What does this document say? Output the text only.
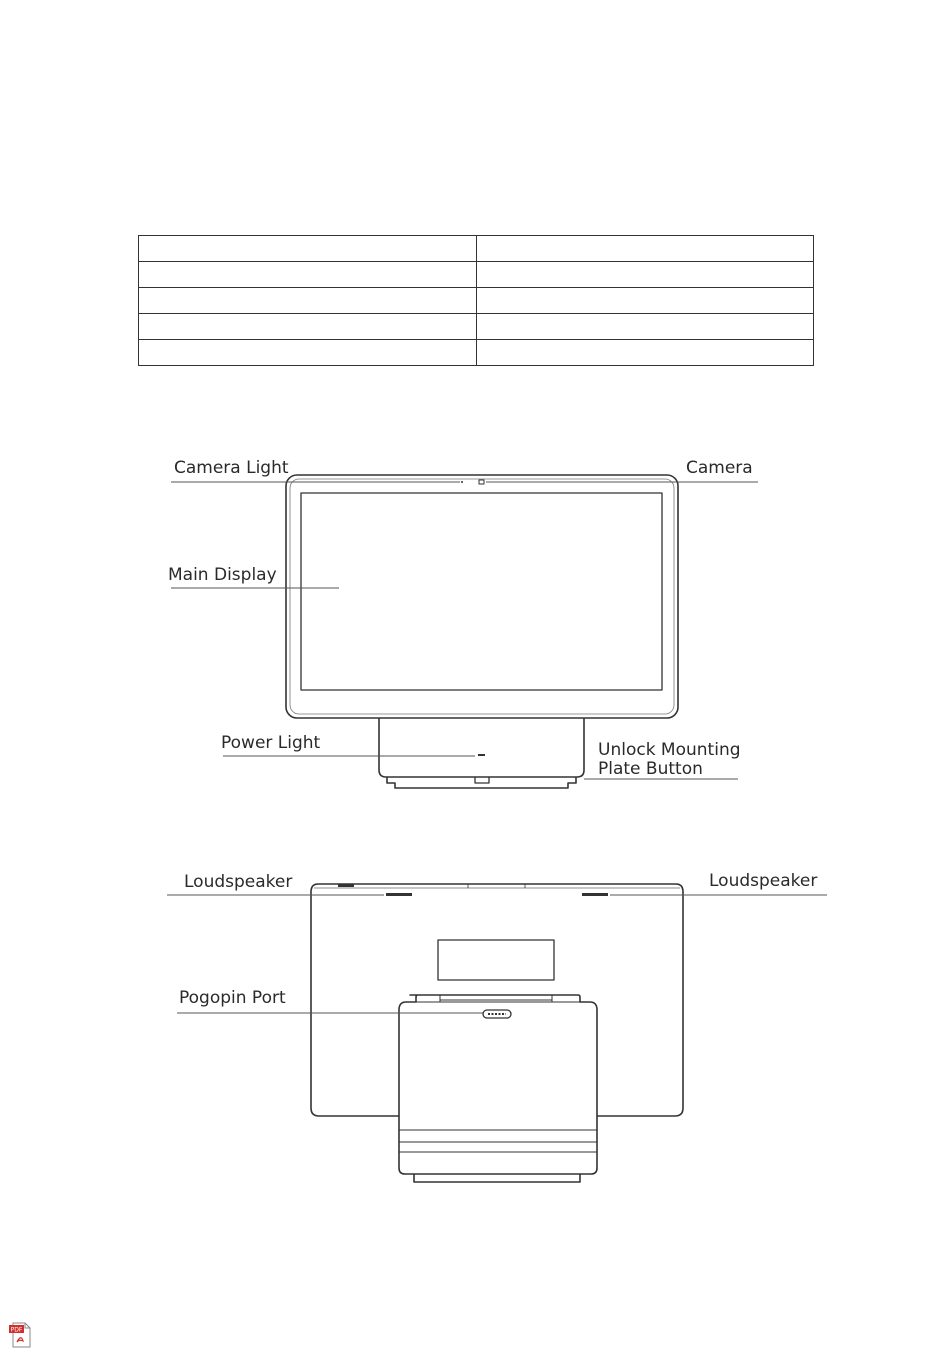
Camera Light	Camera
Main Display
Power Light	Unlock Mounting
Plate Button
Loudspeaker	Loudspeaker
Pogopin Port
PDF
